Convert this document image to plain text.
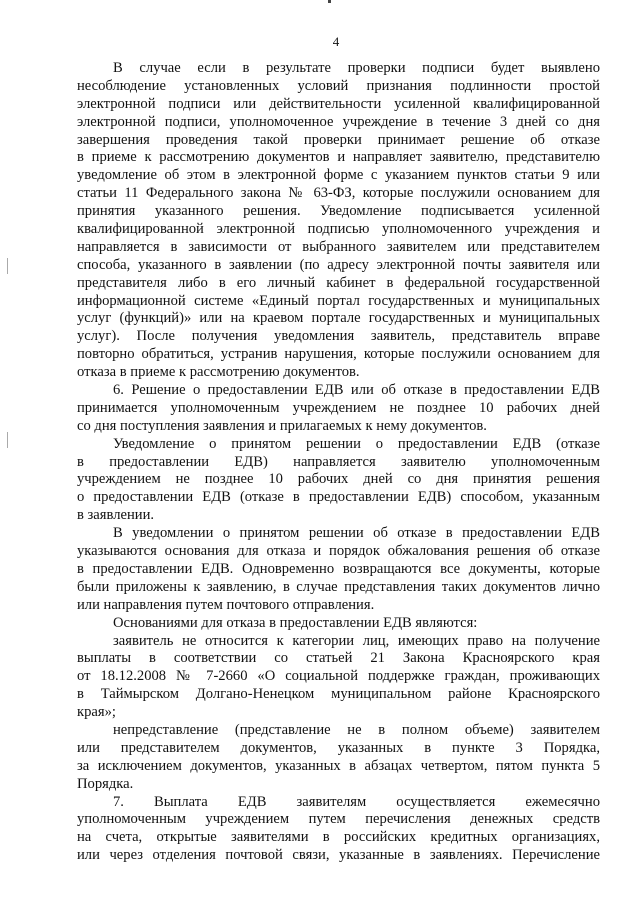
4
В случае если в результате проверки подписи будет выявлено
несоблюдение установленных условий признания подлинности простой
электронной подписи или действительности усиленной квалифицированной
электронной подписи, уполномоченное учреждение в течение 3 дней со дня
завершения проведения такой проверки принимает решение об отказе
в приеме к рассмотрению документов и направляет заявителю, представителю
уведомление об этом в электронной форме с указанием пунктов статьи 9 или
статьи 11 Федерального закона № 63-ФЗ, которые послужили основанием для
принятия указанного решения. Уведомление подписывается усиленной
квалифицированной электронной подписью уполномоченного учреждения и
направляется в зависимости от выбранного заявителем или представителем
способа, указанного в заявлении (по адресу электронной почты заявителя или
представителя либо в его личный кабинет в федеральной государственной
информационной системе «Единый портал государственных и муниципальных
услуг (функций)» или на краевом портале государственных и муниципальных
услуг). После получения уведомления заявитель, представитель вправе
повторно обратиться, устранив нарушения, которые послужили основанием для
отказа в приеме к рассмотрению документов.
6. Решение о предоставлении ЕДВ или об отказе в предоставлении ЕДВ
принимается уполномоченным учреждением не позднее 10 рабочих дней
со дня поступления заявления и прилагаемых к нему документов.
Уведомление о принятом решении о предоставлении ЕДВ (отказе
в предоставлении ЕДВ) направляется заявителю уполномоченным
учреждением не позднее 10 рабочих дней со дня принятия решения
о предоставлении ЕДВ (отказе в предоставлении ЕДВ) способом, указанным
в заявлении.
В уведомлении о принятом решении об отказе в предоставлении ЕДВ
указываются основания для отказа и порядок обжалования решения об отказе
в предоставлении ЕДВ. Одновременно возвращаются все документы, которые
были приложены к заявлению, в случае представления таких документов лично
или направления путем почтового отправления.
Основаниями для отказа в предоставлении ЕДВ являются:
заявитель не относится к категории лиц, имеющих право на получение
выплаты в соответствии со статьей 21 Закона Красноярского края
от 18.12.2008 № 7-2660 «О социальной поддержке граждан, проживающих
в Таймырском Долгано-Ненецком муниципальном районе Красноярского
края»;
непредставление (представление не в полном объеме) заявителем
или представителем документов, указанных в пункте 3 Порядка,
за исключением документов, указанных в абзацах четвертом, пятом пункта 5
Порядка.
7. Выплата ЕДВ заявителям осуществляется ежемесячно
уполномоченным учреждением путем перечисления денежных средств
на счета, открытые заявителями в российских кредитных организациях,
или через отделения почтовой связи, указанные в заявлениях. Перечисление
